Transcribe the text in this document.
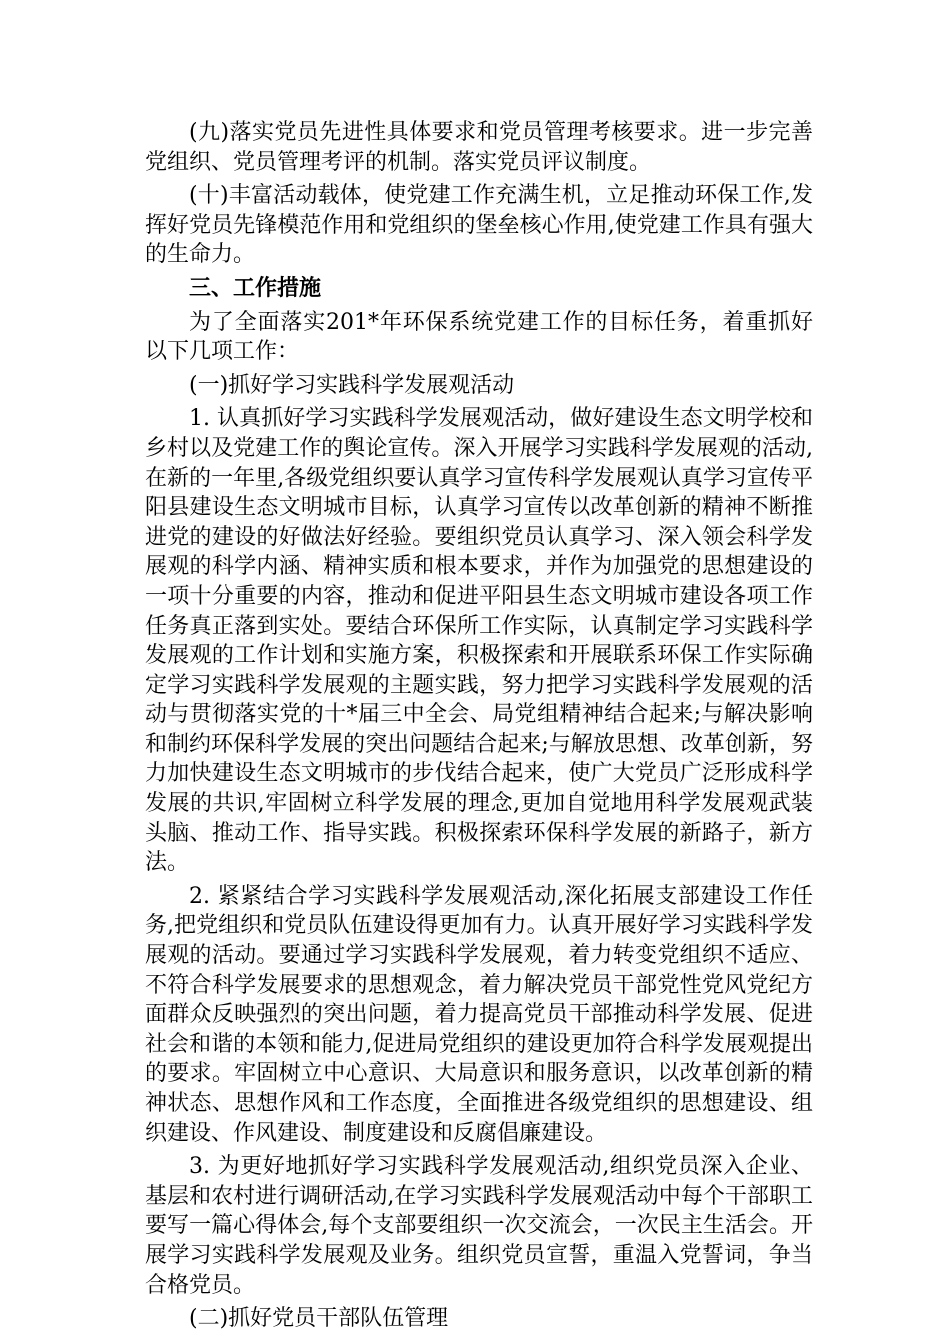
(九)落实党员先进性具体要求和党员管理考核要求。进一步完善党组织、党员管理考评的机制。落实党员评议制度。

(十)丰富活动载体，使党建工作充满生机，立足推动环保工作,发挥好党员先锋模范作用和党组织的堡垒核心作用,使党建工作具有强大的生命力。

三、工作措施

为了全面落实201*年环保系统党建工作的目标任务，着重抓好以下几项工作：

(一)抓好学习实践科学发展观活动

1. 认真抓好学习实践科学发展观活动，做好建设生态文明学校和乡村以及党建工作的舆论宣传。深入开展学习实践科学发展观的活动,在新的一年里,各级党组织要认真学习宣传科学发展观认真学习宣传平阳县建设生态文明城市目标，认真学习宣传以改革创新的精神不断推进党的建设的好做法好经验。要组织党员认真学习、深入领会科学发展观的科学内涵、精神实质和根本要求，并作为加强党的思想建设的一项十分重要的内容，推动和促进平阳县生态文明城市建设各项工作任务真正落到实处。要结合环保所工作实际，认真制定学习实践科学发展观的工作计划和实施方案，积极探索和开展联系环保工作实际确定学习实践科学发展观的主题实践，努力把学习实践科学发展观的活动与贯彻落实党的十*届三中全会、局党组精神结合起来;与解决影响和制约环保科学发展的突出问题结合起来;与解放思想、改革创新，努力加快建设生态文明城市的步伐结合起来，使广大党员广泛形成科学发展的共识,牢固树立科学发展的理念,更加自觉地用科学发展观武装头脑、推动工作、指导实践。积极探索环保科学发展的新路子，新方法。

2. 紧紧结合学习实践科学发展观活动,深化拓展支部建设工作任务,把党组织和党员队伍建设得更加有力。认真开展好学习实践科学发展观的活动。要通过学习实践科学发展观，着力转变党组织不适应、不符合科学发展要求的思想观念，着力解决党员干部党性党风党纪方面群众反映强烈的突出问题，着力提高党员干部推动科学发展、促进社会和谐的本领和能力,促进局党组织的建设更加符合科学发展观提出的要求。牢固树立中心意识、大局意识和服务意识，以改革创新的精神状态、思想作风和工作态度，全面推进各级党组织的思想建设、组织建设、作风建设、制度建设和反腐倡廉建设。

3. 为更好地抓好学习实践科学发展观活动,组织党员深入企业、基层和农村进行调研活动,在学习实践科学发展观活动中每个干部职工要写一篇心得体会,每个支部要组织一次交流会，一次民主生活会。开展学习实践科学发展观及业务。组织党员宣誓，重温入党誓词，争当合格党员。

(二)抓好党员干部队伍管理
